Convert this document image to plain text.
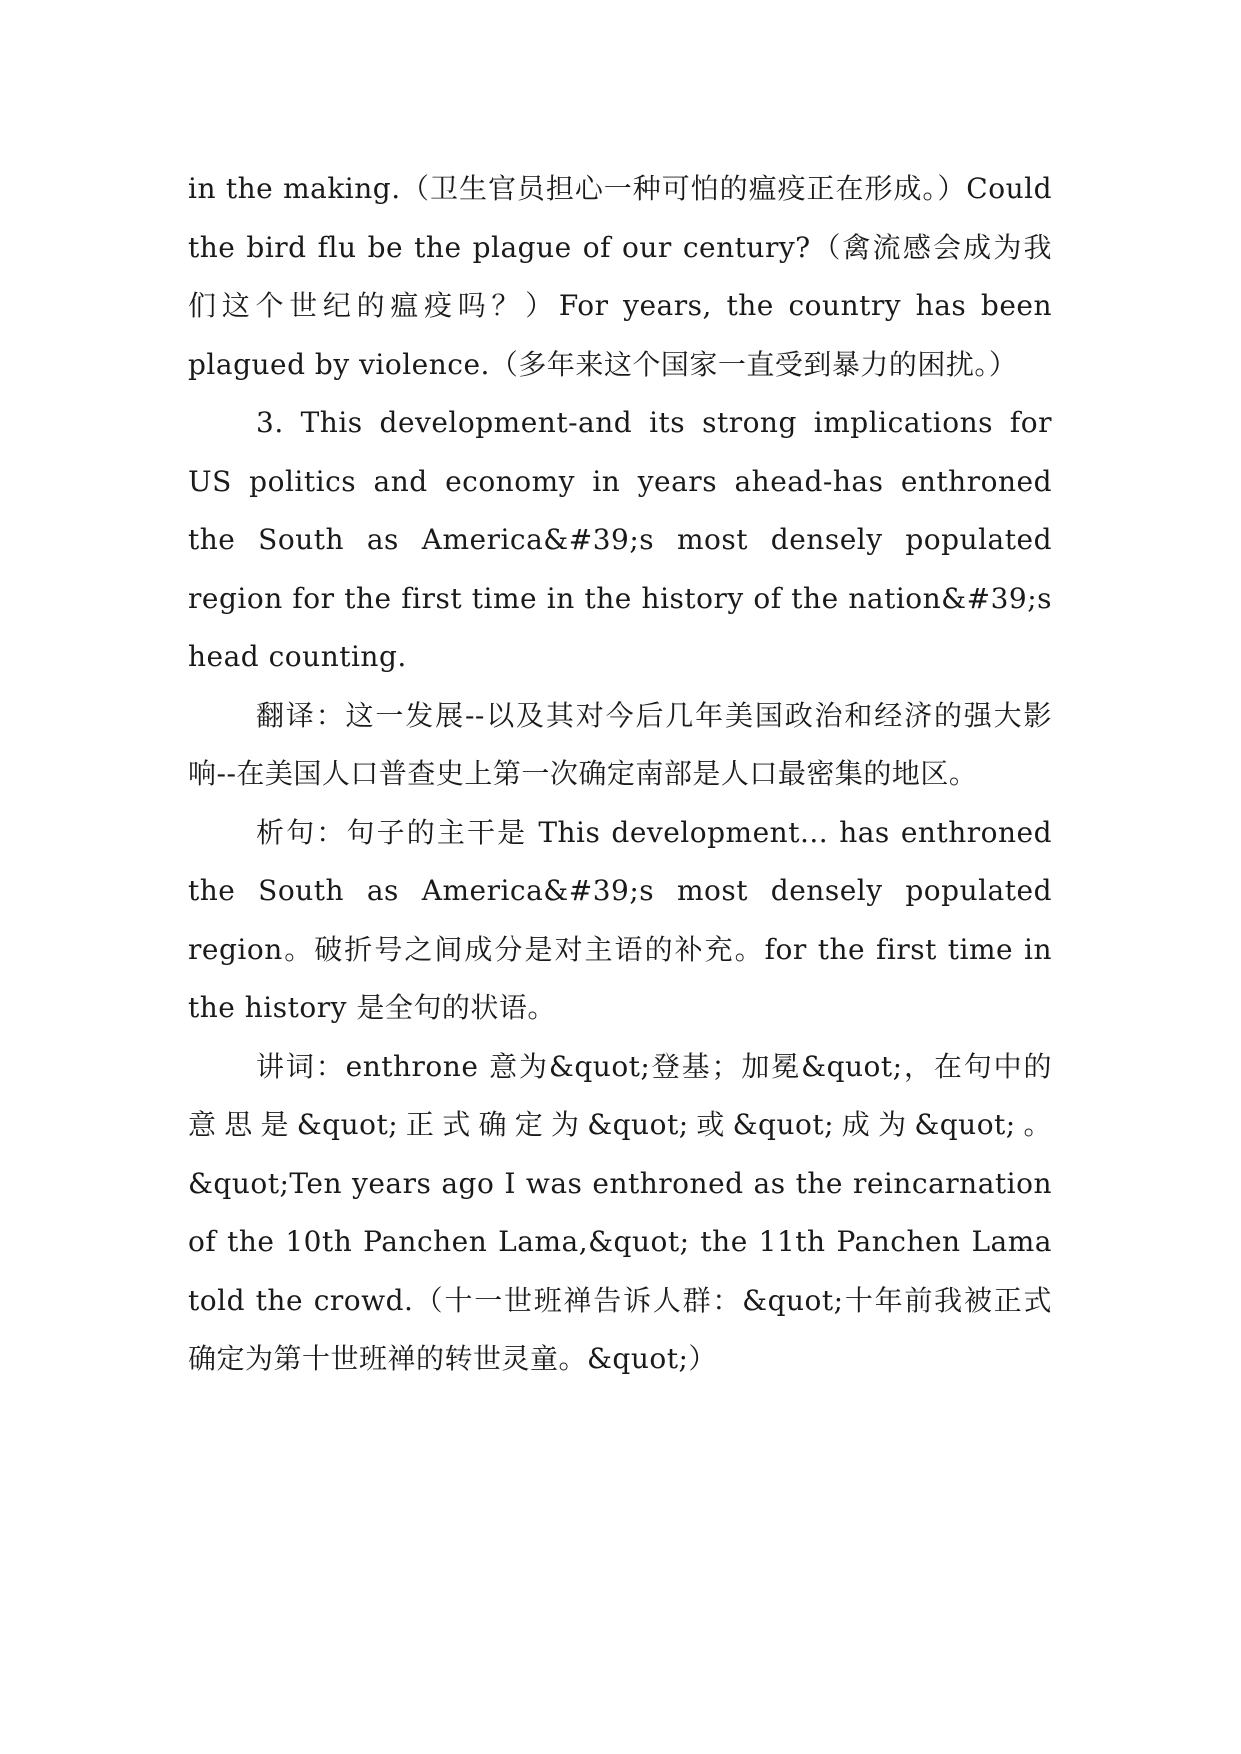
in the making.（卫生官员担心一种可怕的瘟疫正在形成。）Could the bird flu be the plague of our century?（禽流感会成为我们这个世纪的瘟疫吗？）For years, the country has been plagued by violence.（多年来这个国家一直受到暴力的困扰。）

3. This development-and its strong implications for US politics and economy in years ahead-has enthroned the South as America&#39;s most densely populated region for the first time in the history of the nation&#39;s head counting.

翻译：这一发展--以及其对今后几年美国政治和经济的强大影响--在美国人口普查史上第一次确定南部是人口最密集的地区。

析句：句子的主干是 This development... has enthroned the South as America&#39;s most densely populated region。破折号之间成分是对主语的补充。for the first time in the history 是全句的状语。

讲词：enthrone 意为&quot;登基；加冕&quot;，在句中的意思是&quot;正式确定为&quot;或&quot;成为&quot;。&quot;Ten years ago I was enthroned as the reincarnation of the 10th Panchen Lama,&quot; the 11th Panchen Lama told the crowd.（十一世班禅告诉人群：&quot;十年前我被正式确定为第十世班禅的转世灵童。&quot;）
